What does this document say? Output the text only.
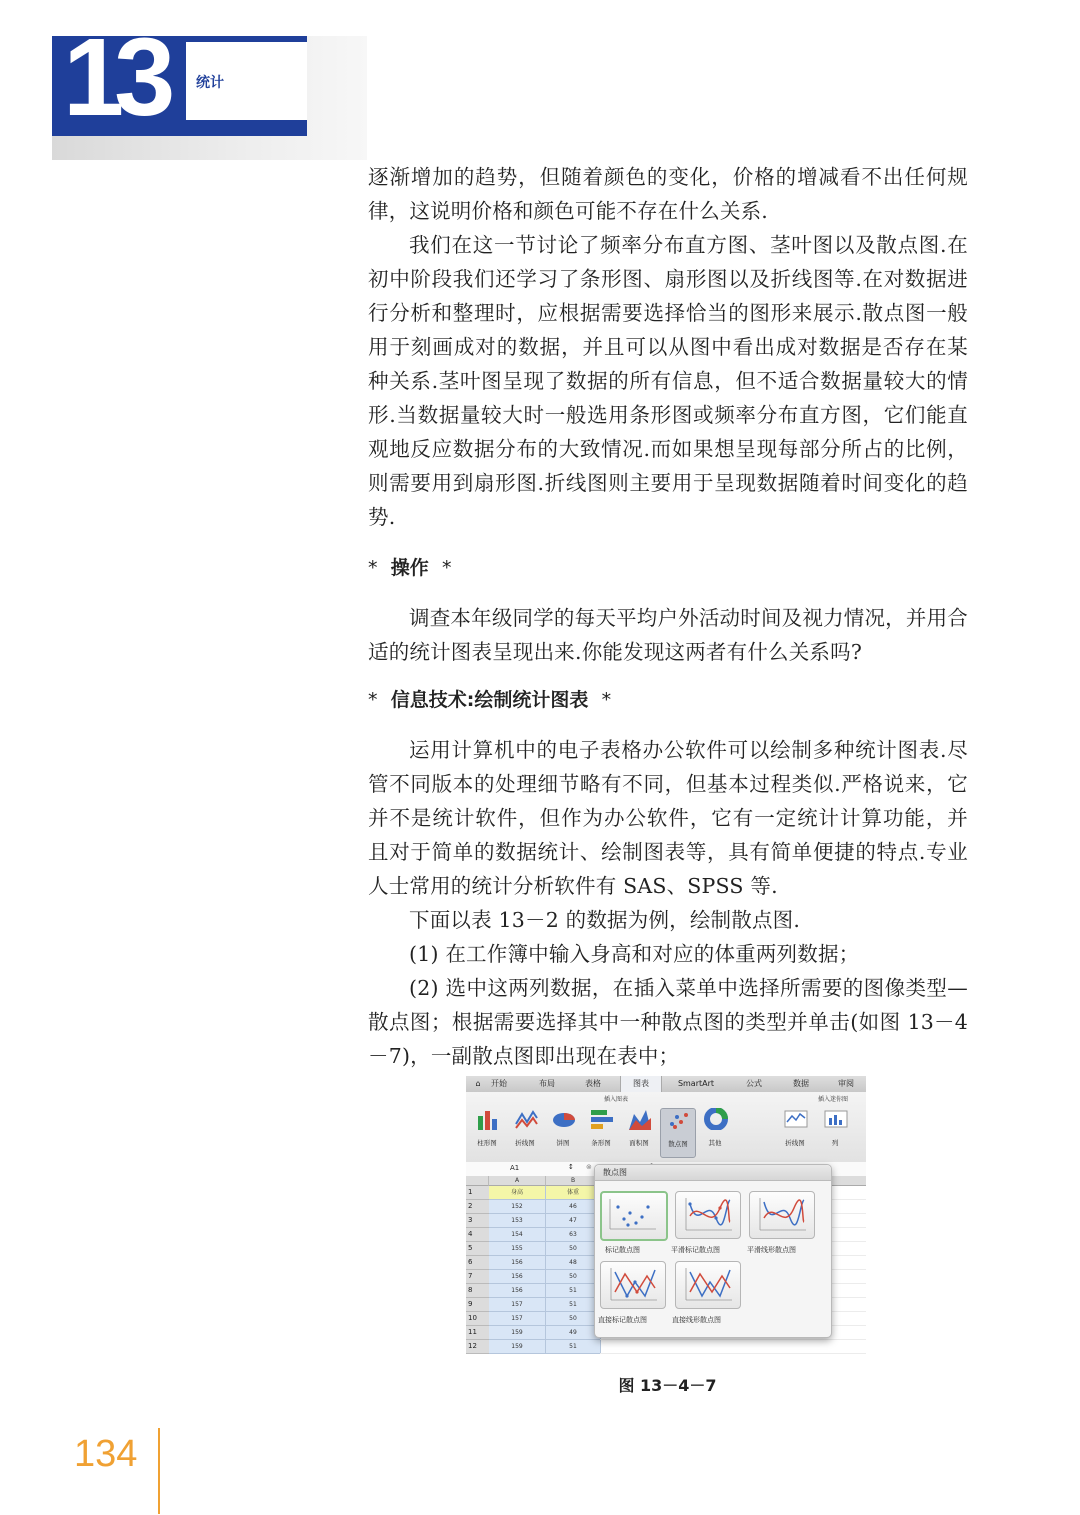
13 统计

逐渐增加的趋势，但随着颜色的变化，价格的增减看不出任何规律，这说明价格和颜色可能不存在什么关系.

我们在这一节讨论了频率分布直方图、茎叶图以及散点图.在初中阶段我们还学习了条形图、扇形图以及折线图等.在对数据进行分析和整理时，应根据需要选择恰当的图形来展示.散点图一般用于刻画成对的数据，并且可以从图中看出成对数据是否存在某种关系.茎叶图呈现了数据的所有信息，但不适合数据量较大的情形.当数据量较大时一般选用条形图或频率分布直方图，它们能直观地反应数据分布的大致情况.而如果想呈现每部分所占的比例，则需要用到扇形图.折线图则主要用于呈现数据随着时间变化的趋势.

* 操作 *

调查本年级同学的每天平均户外活动时间及视力情况，并用合适的统计图表呈现出来.你能发现这两者有什么关系吗?

* 信息技术:绘制统计图表 *

运用计算机中的电子表格办公软件可以绘制多种统计图表.尽管不同版本的处理细节略有不同，但基本过程类似.严格说来，它并不是统计软件，但作为办公软件，它有一定统计计算功能，并且对于简单的数据统计、绘制图表等，具有简单便捷的特点.专业人士常用的统计分析软件有 SAS、SPSS 等.

下面以表 13－2 的数据为例，绘制散点图.

(1) 在工作簿中输入身高和对应的体重两列数据；

(2) 选中这两列数据，在插入菜单中选择所需要的图像类型—散点图；根据需要选择其中一种散点图的类型并单击(如图 13－4－7)，一副散点图即出现在表中；

⌂	开始	布局	表格	图表	SmartArt	公式	数据	审阅
插入图表	插入迷你图
柱形图	折线图	饼图	条形图	面积图	散点图	其他	折线图	列
A1	↕ ⊗
A	B
1	身高	体重
2	152	46
3	153	47
4	154	63
5	155	50
6	156	48
7	156	50
8	156	51
9	157	51
10	157	50
11	159	49
12	159	51
散点图
标记散点图	平滑标记散点图	平滑线形散点图
直接标记散点图	直接线形散点图
图 13－4－7
134
